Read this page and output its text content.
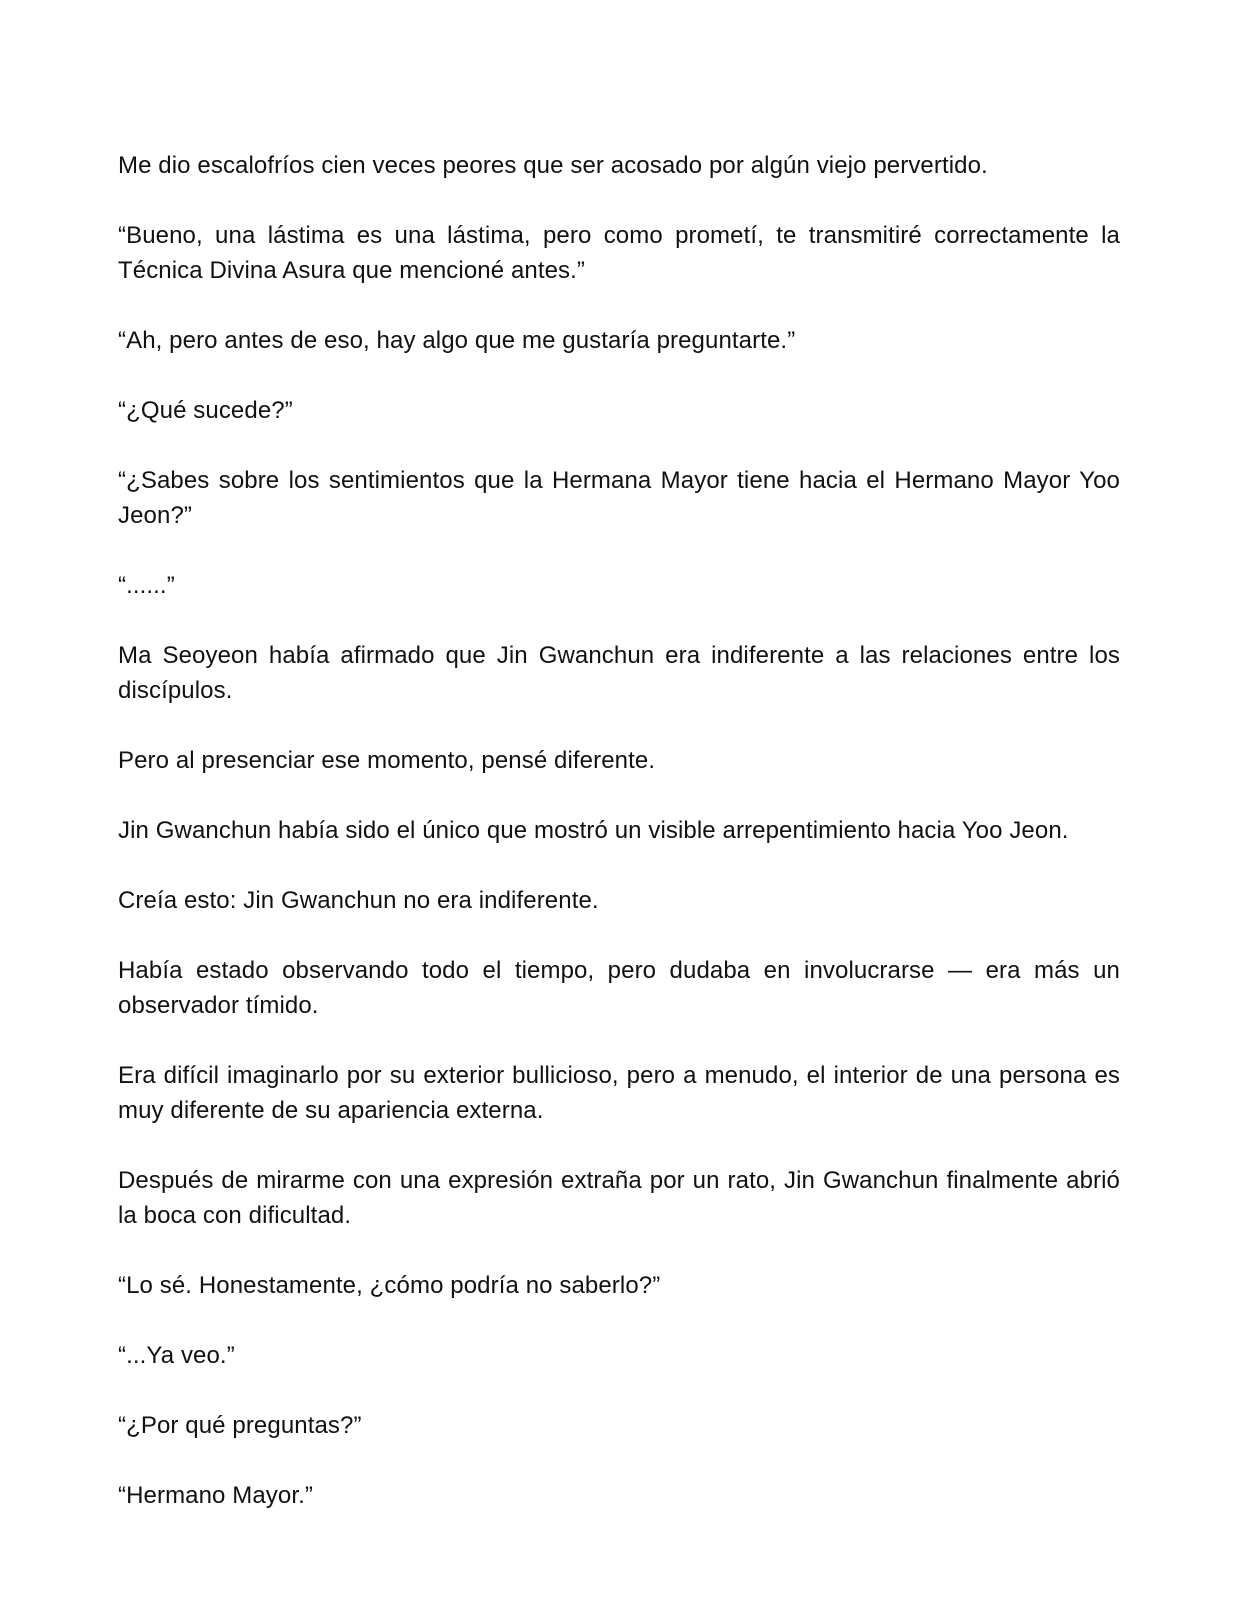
Me dio escalofríos cien veces peores que ser acosado por algún viejo pervertido.

“Bueno, una lástima es una lástima, pero como prometí, te transmitiré correctamente la Técnica Divina Asura que mencioné antes.”

“Ah, pero antes de eso, hay algo que me gustaría preguntarte.”

“¿Qué sucede?”

“¿Sabes sobre los sentimientos que la Hermana Mayor tiene hacia el Hermano Mayor Yoo Jeon?”

“......”

Ma Seoyeon había afirmado que Jin Gwanchun era indiferente a las relaciones entre los discípulos.

Pero al presenciar ese momento, pensé diferente.

Jin Gwanchun había sido el único que mostró un visible arrepentimiento hacia Yoo Jeon.

Creía esto: Jin Gwanchun no era indiferente.

Había estado observando todo el tiempo, pero dudaba en involucrarse — era más un observador tímido.

Era difícil imaginarlo por su exterior bullicioso, pero a menudo, el interior de una persona es muy diferente de su apariencia externa.

Después de mirarme con una expresión extraña por un rato, Jin Gwanchun finalmente abrió la boca con dificultad.

“Lo sé. Honestamente, ¿cómo podría no saberlo?”

“...Ya veo.”

“¿Por qué preguntas?”

“Hermano Mayor.”
